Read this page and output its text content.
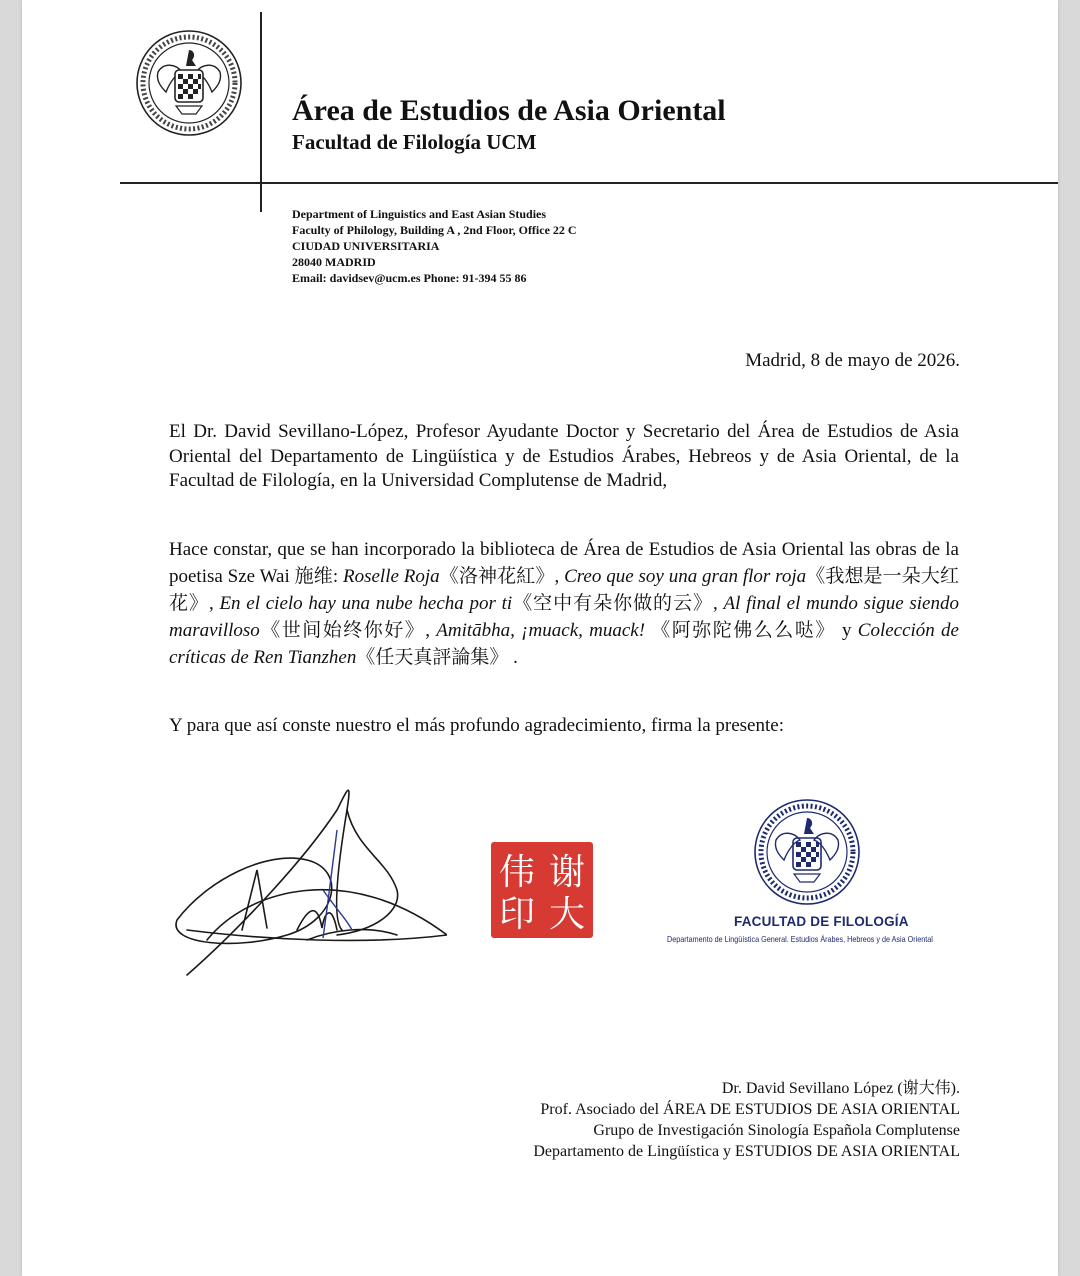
Área de Estudios de Asia Oriental
Facultad de Filología UCM
Department of Linguistics and East Asian Studies
Faculty of Philology, Building A , 2nd Floor, Office 22 C
CIUDAD UNIVERSITARIA
28040 MADRID
Email: davidsev@ucm.es Phone: 91-394 55 86
Madrid, 8 de mayo de 2026.
El Dr. David Sevillano-López, Profesor Ayudante Doctor y Secretario del Área de Estudios de Asia Oriental del Departamento de Lingüística y de Estudios Árabes, Hebreos y de Asia Oriental, de la Facultad de Filología, en la Universidad Complutense de Madrid,
Hace constar, que se han incorporado la biblioteca de Área de Estudios de Asia Oriental las obras de la poetisa Sze Wai 施维: Roselle Roja《洛神花紅》, Creo que soy una gran flor roja《我想是一朵大红花》, En el cielo hay una nube hecha por ti《空中有朵你做的云》, Al final el mundo sigue siendo maravilloso《世间始终你好》, Amitābha, ¡muack, muack! 《阿弥陀佛么么哒》 y Colección de críticas de Ren Tianzhen《任天真評論集》 .
Y para que así conste nuestro el más profundo agradecimiento, firma la presente:
谢
大
伟
印	FACULTAD DE FILOLOGÍA
Departamento de Lingüística General. Estudios Árabes, Hebreos y de Asia Oriental
Dr. David Sevillano López (谢大伟).
Prof. Asociado del ÁREA DE ESTUDIOS DE ASIA ORIENTAL
Grupo de Investigación Sinología Española Complutense
Departamento de Lingüística y ESTUDIOS DE ASIA ORIENTAL
